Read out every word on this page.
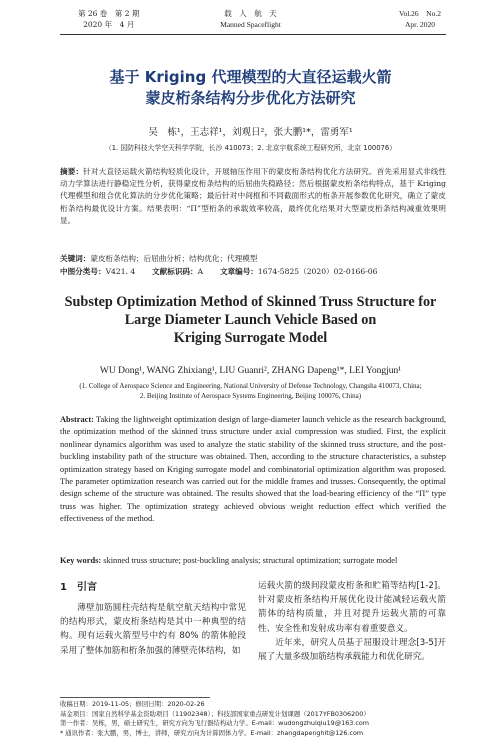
第 26 卷　第 2 期
2020 年　4 月
载　人　航　天
Manned Spaceflight
Vol.26　No.2
Apr. 2020
基于 Kriging 代理模型的大直径运载火箭
蒙皮桁条结构分步优化方法研究
吴　栋¹，王志祥¹，刘观日²，张大鹏¹*，雷勇军¹
（1. 国防科技大学空天科学学院，长沙 410073；2. 北京宇航系统工程研究所，北京 100076）
摘要：针对大直径运载火箭结构轻质化设计，开展轴压作用下的蒙皮桁条结构优化方法研究。首先采用显式非线性动力学算法进行静稳定性分析，获得蒙皮桁条结构的后屈曲失稳路径；然后根据蒙皮桁条结构特点，基于 Kriging 代理模型和组合优化算法的分步优化策略；最后针对中间框和不同截面形式的桁条开展参数优化研究，确立了蒙皮桁条结构最优设计方案。结果表明：“Π”型桁条的承载效率较高，最终优化结果对大型蒙皮桁条结构减重效果明显。
关键词：蒙皮桁条结构；后屈曲分析；结构优化；代理模型
中图分类号：V421. 4 文献标识码：A 文章编号：1674-5825（2020）02-0166-06
Substep Optimization Method of Skinned Truss Structure for
Large Diameter Launch Vehicle Based on
Kriging Surrogate Model
WU Dong¹, WANG Zhixiang¹, LIU Guanri², ZHANG Dapeng¹*, LEI Yongjun¹
(1. College of Aerospace Science and Engineering, National University of Defense Technology, Changsha 410073, China;
2. Beijing Institute of Aerospace Systems Engineering, Beijing 100076, China)
Abstract: Taking the lightweight optimization design of large-diameter launch vehicle as the research background, the optimization method of the skinned truss structure under axial compression was studied. First, the explicit nonlinear dynamics algorithm was used to analyze the static stability of the skinned truss structure, and the post-buckling instability path of the structure was obtained. Then, according to the structure characteristics, a substep optimization strategy based on Kriging surrogate model and combinatorial optimization algorithm was proposed. The parameter optimization research was carried out for the middle frames and trusses. Consequently, the optimal design scheme of the structure was obtained. The results showed that the load-bearing efficiency of the “Π” type truss was higher. The optimization strategy achieved obvious weight reduction effect which verified the effectiveness of the method.
Key words: skinned truss structure; post-buckling analysis; structural optimization; surrogate model
1　引言
薄壁加筋圆柱壳结构是航空航天结构中常见的结构形式，蒙皮桁条结构是其中一种典型的结构。现有运载火箭型号中约有 80% 的箭体舱段采用了整体加筋和桁条加强的薄壁壳体结构，如
运载火箭的级间段蒙皮桁条和贮箱等结构[1-2]。针对蒙皮桁条结构开展优化设计能减轻运载火箭箭体的结构质量，并且对提升运载火箭的可靠性、安全性和发射成功率有着重要意义。
近年来，研究人员基于屈服设计理念[3-5]开展了大量多级加筋结构承载能力和优化研究。
收稿日期：2019-11-05；修回日期：2020-02-26
基金项目：国家自然科学基金资助项目（11902348）；科技部国家重点研发计划课题（2017YFB0306200）
第一作者：吴栋，男，硕士研究生，研究方向为飞行器结构动力学。E-mail：wudongzhuiqiu19@163.com
* 通讯作者：张大鹏，男，博士，讲师，研究方向为计算固体力学。E-mail：zhangdapenghit@126.com
